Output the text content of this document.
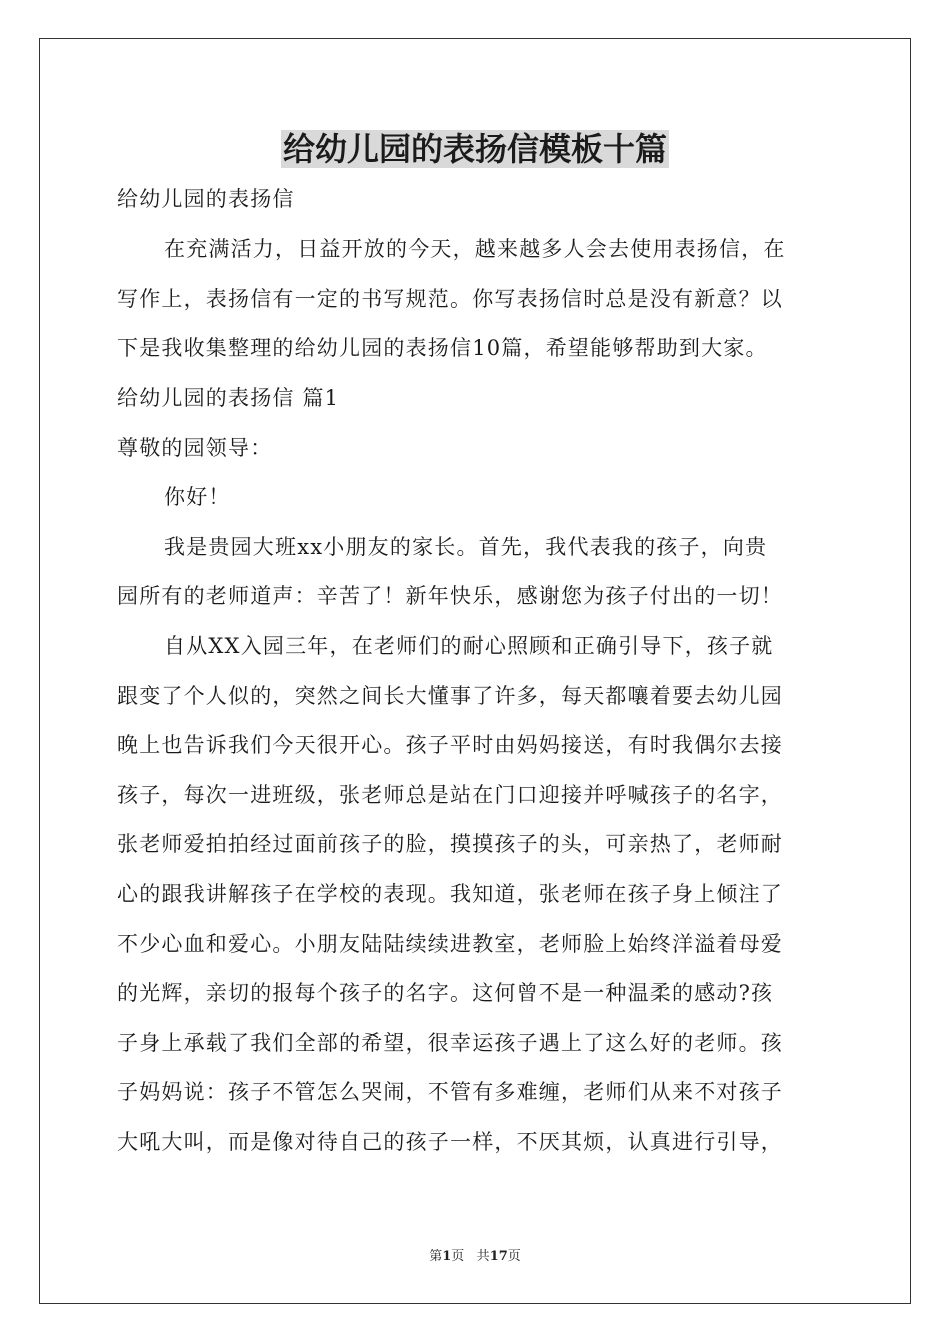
给幼儿园的表扬信模板十篇
给幼儿园的表扬信
在充满活力，日益开放的今天，越来越多人会去使用表扬信，在
写作上，表扬信有一定的书写规范。你写表扬信时总是没有新意？以
下是我收集整理的给幼儿园的表扬信10篇，希望能够帮助到大家。
给幼儿园的表扬信 篇1
尊敬的园领导：
你好！
我是贵园大班xx小朋友的家长。首先，我代表我的孩子，向贵
园所有的老师道声：辛苦了！新年快乐，感谢您为孩子付出的一切！
自从XX入园三年，在老师们的耐心照顾和正确引导下，孩子就
跟变了个人似的，突然之间长大懂事了许多，每天都嚷着要去幼儿园
晚上也告诉我们今天很开心。孩子平时由妈妈接送，有时我偶尔去接
孩子，每次一进班级，张老师总是站在门口迎接并呼喊孩子的名字，
张老师爱拍拍经过面前孩子的脸，摸摸孩子的头，可亲热了，老师耐
心的跟我讲解孩子在学校的表现。我知道，张老师在孩子身上倾注了
不少心血和爱心。小朋友陆陆续续进教室，老师脸上始终洋溢着母爱
的光辉，亲切的报每个孩子的名字。这何曾不是一种温柔的感动?孩
子身上承载了我们全部的希望，很幸运孩子遇上了这么好的老师。孩
子妈妈说：孩子不管怎么哭闹，不管有多难缠，老师们从来不对孩子
大吼大叫，而是像对待自己的孩子一样，不厌其烦，认真进行引导，
第1页 共17页
